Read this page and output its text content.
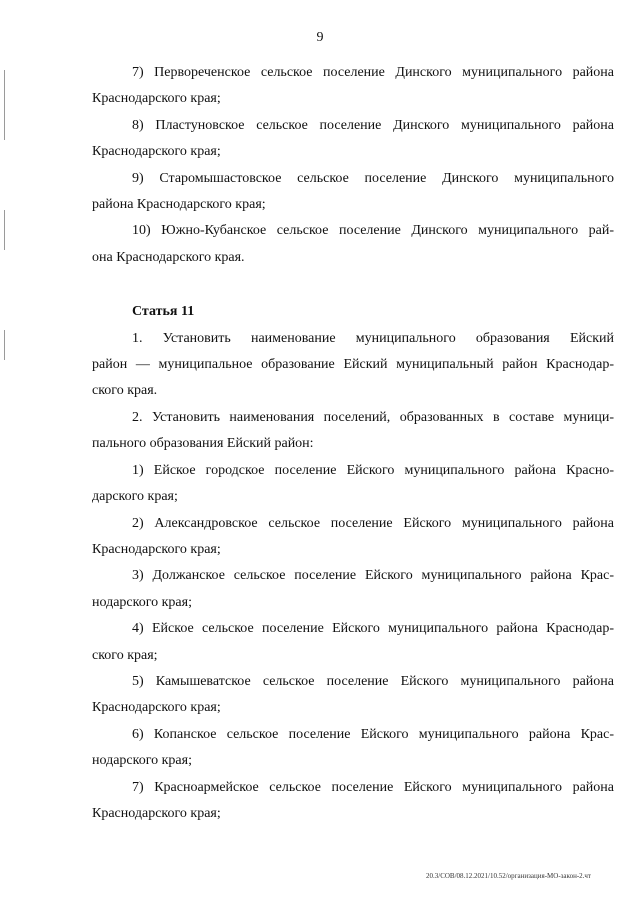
9
7) Первореченское сельское поселение Динского муниципального района
Краснодарского края;
8) Пластуновское сельское поселение Динского муниципального района
Краснодарского края;
9) Старомышастовское сельское поселение Динского муниципального
района Краснодарского края;
10) Южно-Кубанское сельское поселение Динского муниципального рай-
она Краснодарского края.
Статья 11
1. Установить наименование муниципального образования Ейский
район — муниципальное образование Ейский муниципальный район Краснодар-
ского края.
2. Установить наименования поселений, образованных в составе муници-
пального образования Ейский район:
1) Ейское городское поселение Ейского муниципального района Красно-
дарского края;
2) Александровское сельское поселение Ейского муниципального района
Краснодарского края;
3) Должанское сельское поселение Ейского муниципального района Крас-
нодарского края;
4) Ейское сельское поселение Ейского муниципального района Краснодар-
ского края;
5) Камышеватское сельское поселение Ейского муниципального района
Краснодарского края;
6) Копанское сельское поселение Ейского муниципального района Крас-
нодарского края;
7) Красноармейское сельское поселение Ейского муниципального района
Краснодарского края;
20.3/СОВ/08.12.2021/10.52/организация-МО-закон-2.чт
